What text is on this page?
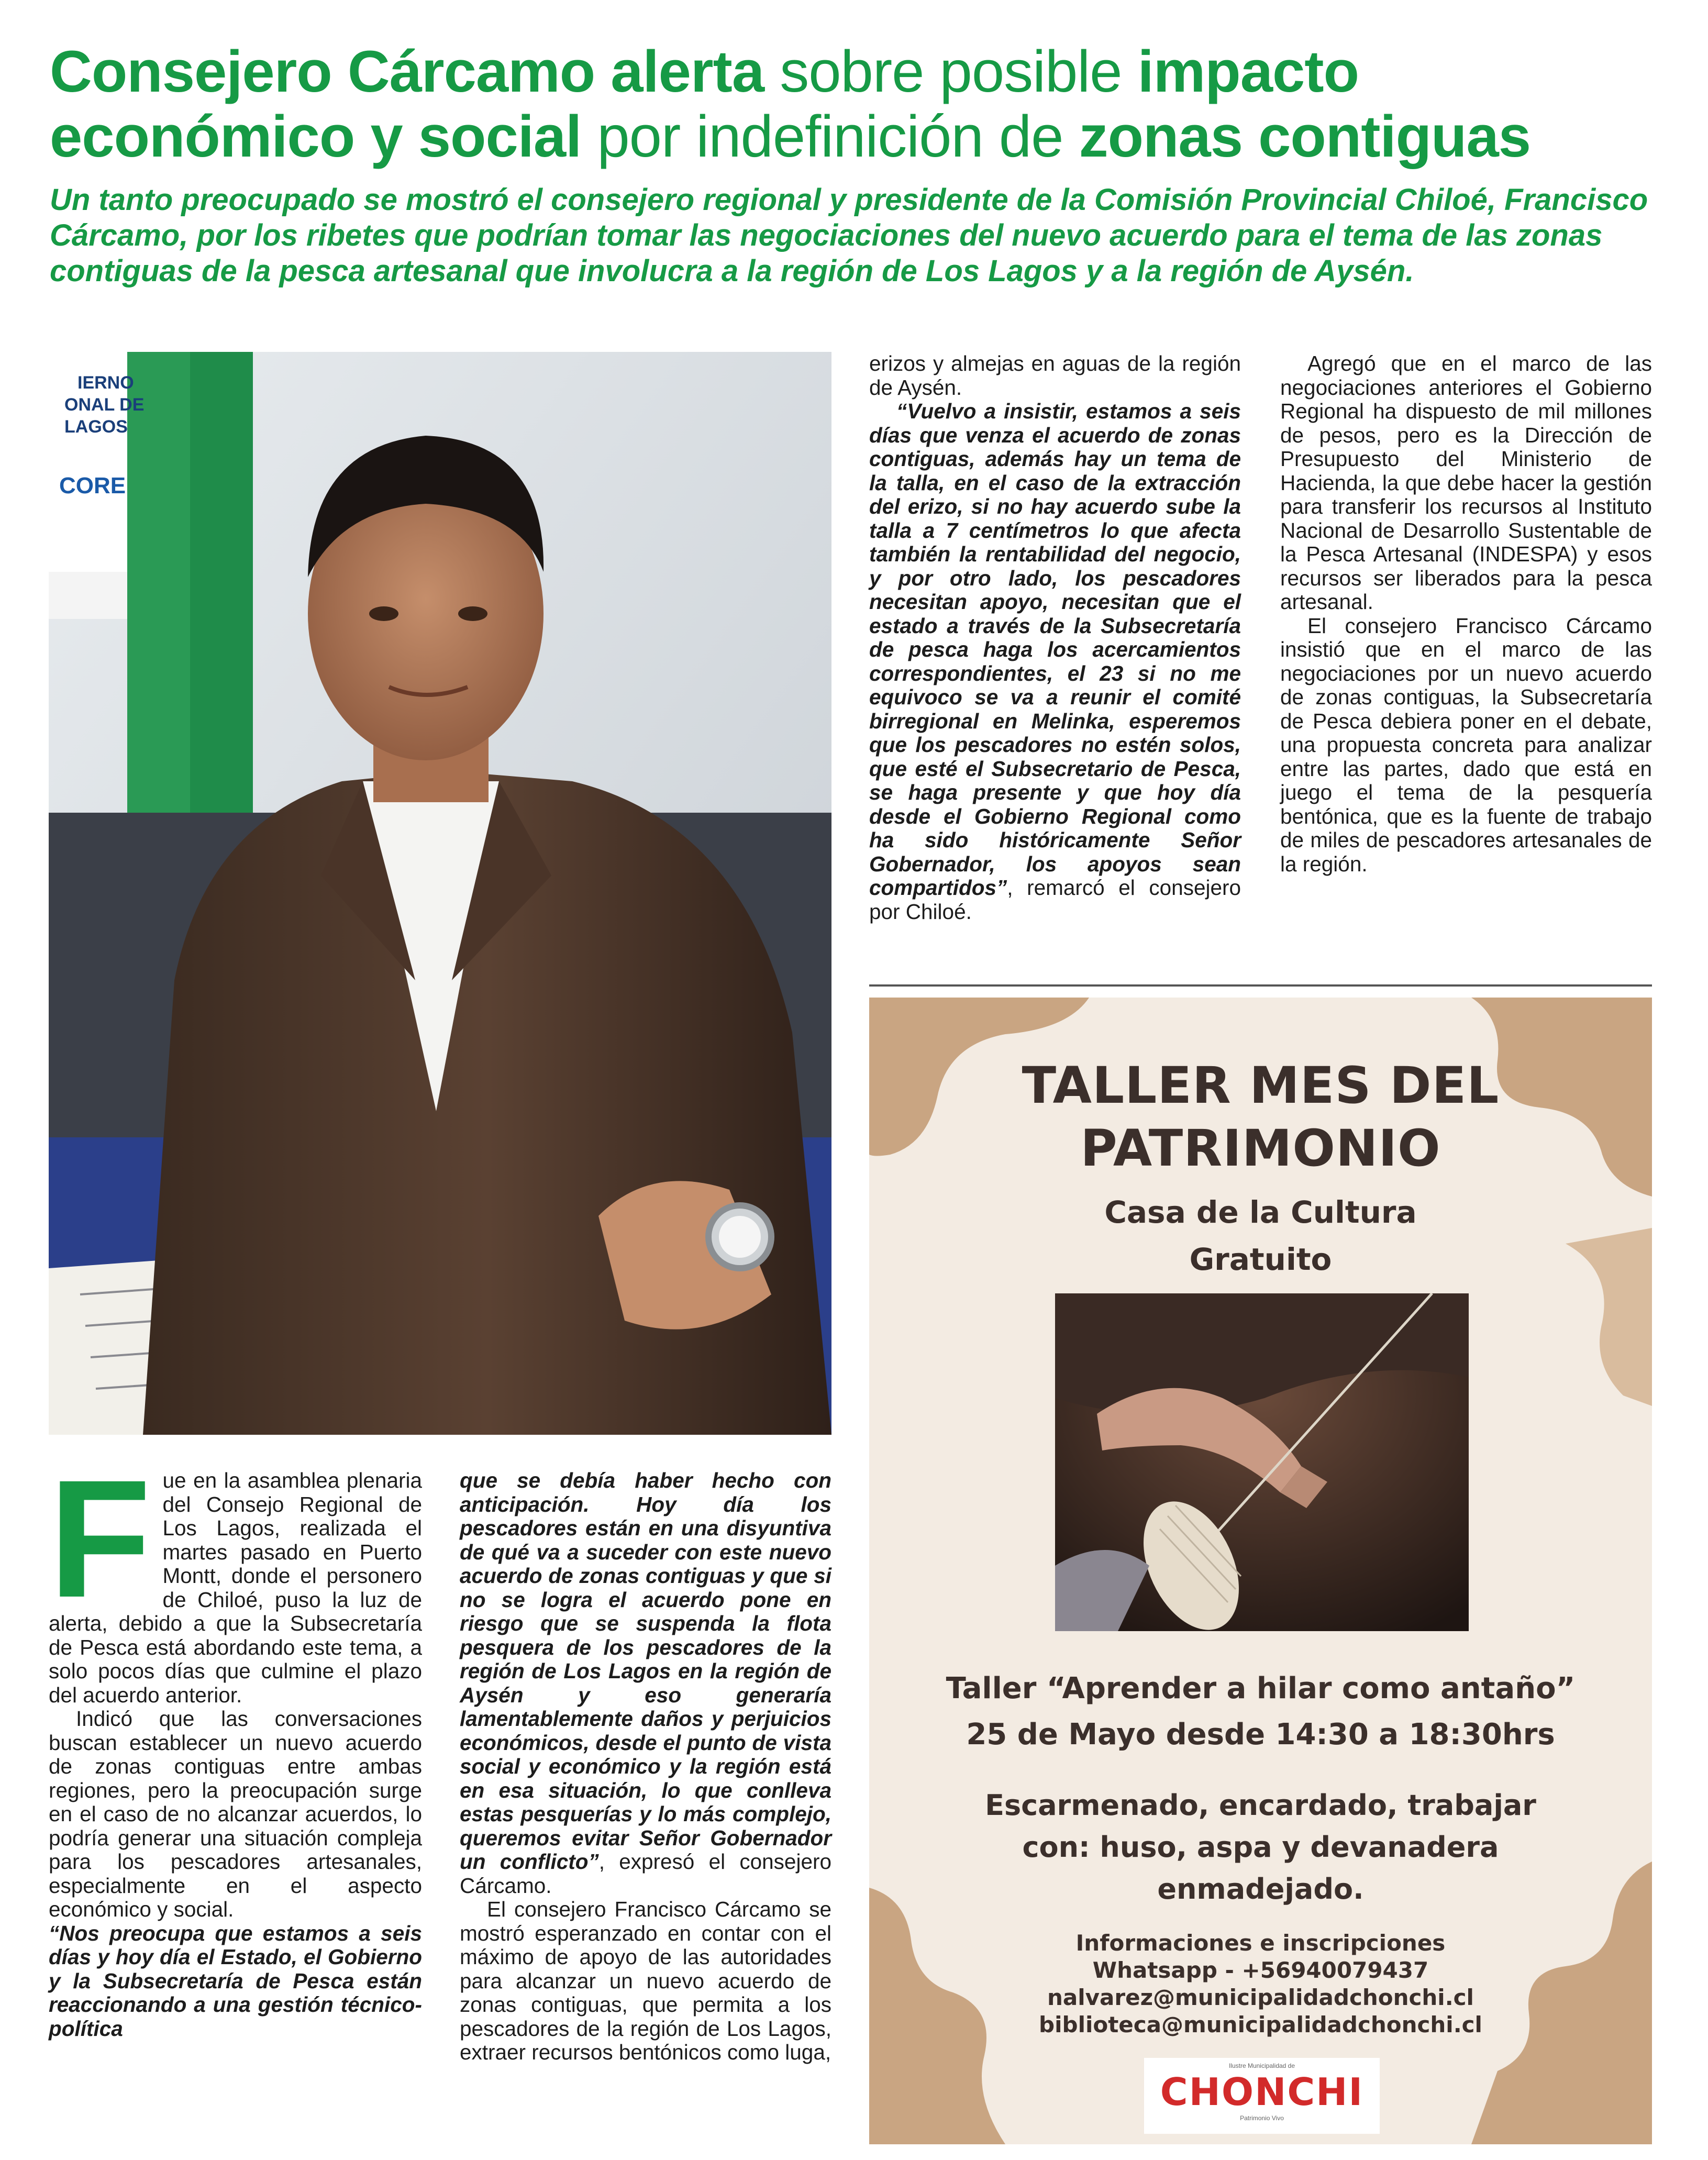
Consejero Cárcamo alerta sobre posible impacto económico y social por indefinición de zonas contiguas

Un tanto preocupado se mostró el consejero regional y presidente de la Comisión Provincial Chiloé, Francisco Cárcamo, por los ribetes que podrían tomar las negociaciones del nuevo acuerdo para el tema de las zonas contiguas de la pesca artesanal que involucra a la región de Los Lagos y a la región de Aysén.

IERNO
ONAL DE
LAGOS
CORE
F ue en la asamblea plenaria del Consejo Regional de Los Lagos, realizada el martes pasado en Puerto Montt, donde el personero de Chiloé, puso la luz de alerta, debido a que la Subsecretaría de Pesca está abordando este tema, a solo pocos días que culmine el plazo del acuerdo anterior.

Indicó que las conversaciones buscan establecer un nuevo acuerdo de zonas contiguas entre ambas regiones, pero la preocupación surge en el caso de no alcanzar acuerdos, lo podría generar una situación compleja para los pescadores artesanales, especialmente en el aspecto económico y social.

“Nos preocupa que estamos a seis días y hoy día el Estado, el Gobierno y la Subsecretaría de Pesca están reaccionando a una gestión técnico-política

que se debía haber hecho con anticipación. Hoy día los pescadores están en una disyuntiva de qué va a suceder con este nuevo acuerdo de zonas contiguas y que si no se logra el acuerdo pone en riesgo que se suspenda la flota pesquera de los pescadores de la región de Los Lagos en la región de Aysén y eso generaría lamentablemente daños y perjuicios económicos, desde el punto de vista social y económico y la región está en esa situación, lo que conlleva estas pesquerías y lo más complejo, queremos evitar Señor Gobernador un conflicto”, expresó el consejero Cárcamo.

El consejero Francisco Cárcamo se mostró esperanzado en contar con el máximo de apoyo de las autoridades para alcanzar un nuevo acuerdo de zonas contiguas, que permita a los pescadores de la región de Los Lagos, extraer recursos bentónicos como luga,

erizos y almejas en aguas de la región de Aysén.

“Vuelvo a insistir, estamos a seis días que venza el acuerdo de zonas contiguas, además hay un tema de la talla, en el caso de la extracción del erizo, si no hay acuerdo sube la talla a 7 centímetros lo que afecta también la rentabilidad del negocio, y por otro lado, los pescadores necesitan apoyo, necesitan que el estado a través de la Subsecretaría de pesca haga los acercamientos correspondientes, el 23 si no me equivoco se va a reunir el comité birregional en Melinka, esperemos que los pescadores no estén solos, que esté el Subsecretario de Pesca, se haga presente y que hoy día desde el Gobierno Regional como ha sido históricamente Señor Gobernador, los apoyos sean compartidos”, remarcó el consejero por Chiloé.

Agregó que en el marco de las negociaciones anteriores el Gobierno Regional ha dispuesto de mil millones de pesos, pero es la Dirección de Presupuesto del Ministerio de Hacienda, la que debe hacer la gestión para transferir los recursos al Instituto Nacional de Desarrollo Sustentable de la Pesca Artesanal (INDESPA) y esos recursos ser liberados para la pesca artesanal.

El consejero Francisco Cárcamo insistió que en el marco de las negociaciones por un nuevo acuerdo de zonas contiguas, la Subsecretaría de Pesca debiera poner en el debate, una propuesta concreta para analizar entre las partes, dado que está en juego el tema de la pesquería bentónica, que es la fuente de trabajo de miles de pescadores artesanales de la región.

TALLER MES DEL
PATRIMONIO

Casa de la Cultura

Gratuito

Taller “Aprender a hilar como antaño”

25 de Mayo desde 14:30 a 18:30hrs

Escarmenado, encardado, trabajar
con: huso, aspa y devanadera
enmadejado.

Informaciones e inscripciones
Whatsapp - +56940079437
nalvarez@municipalidadchonchi.cl
biblioteca@municipalidadchonchi.cl

Ilustre Municipalidad de
CHONCHI
Patrimonio Vivo
